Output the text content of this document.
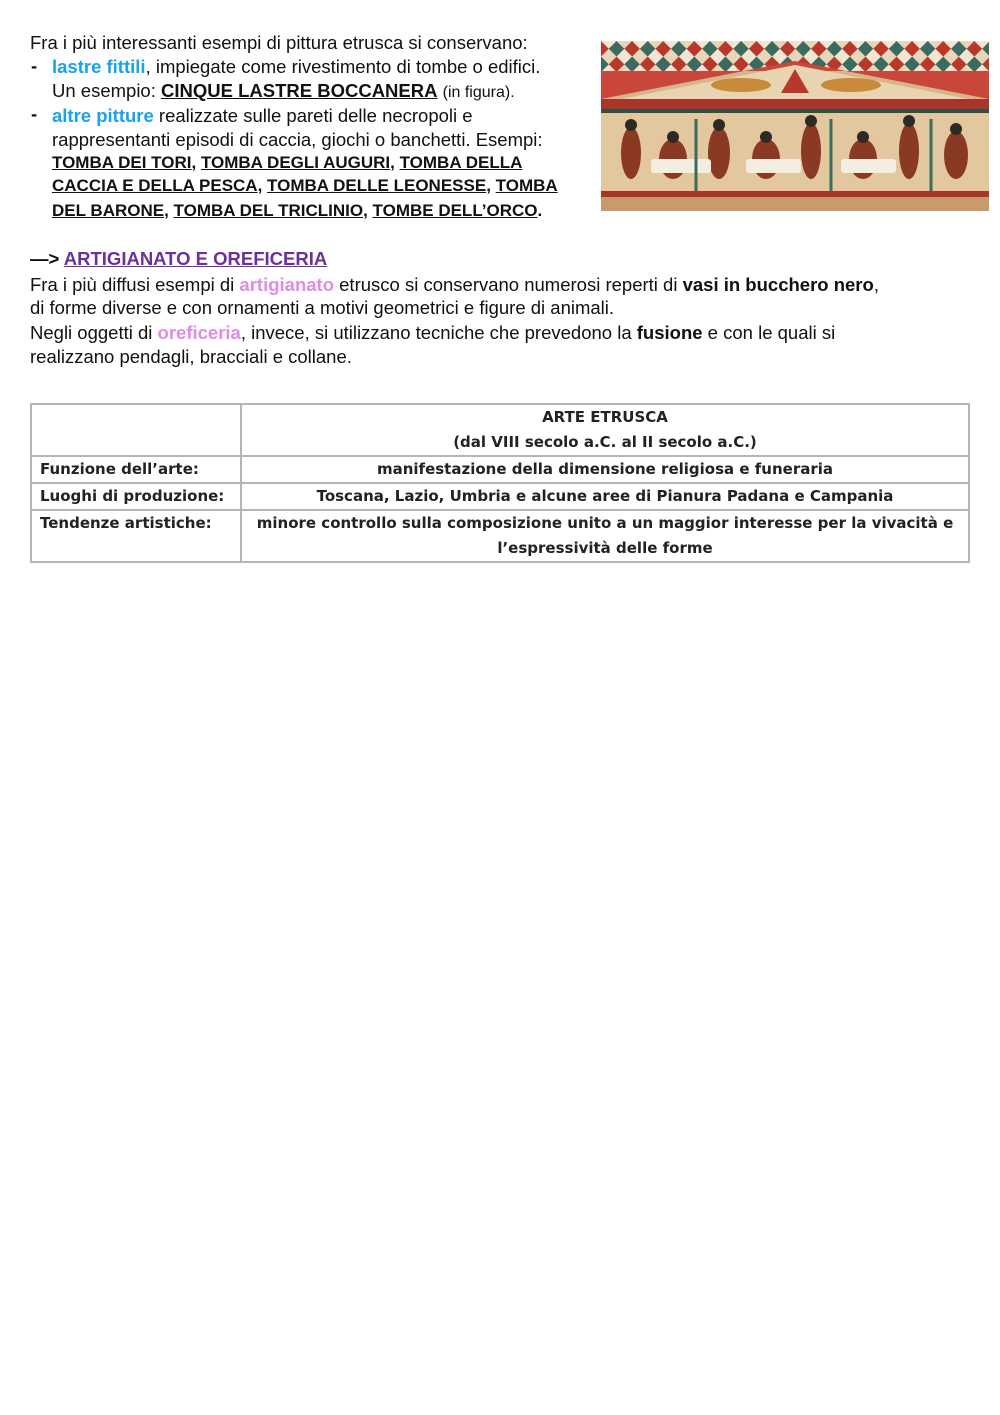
Fra i più interessanti esempi di pittura etrusca si conservano:
- lastre fittili, impiegate come rivestimento di tombe o edifici.
Un esempio: CINQUE LASTRE BOCCANERA (in figura).
- altre pitture realizzate sulle pareti delle necropoli e
rappresentanti episodi di caccia, giochi o banchetti. Esempi:
TOMBA DEI TORI, TOMBA DEGLI AUGURI, TOMBA DELLA
CACCIA E DELLA PESCA, TOMBA DELLE LEONESSE, TOMBA
DEL BARONE, TOMBA DEL TRICLINIO, TOMBE DELL’ORCO.
—> ARTIGIANATO E OREFICERIA
Fra i più diffusi esempi di artigianato etrusco si conservano numerosi reperti di vasi in bucchero nero,
di forme diverse e con ornamenti a motivi geometrici e figure di animali.
Negli oggetti di oreficeria, invece, si utilizzano tecniche che prevedono la fusione e con le quali si
realizzano pendagli, bracciali e collane.

	ARTE ETRUSCA
(dal VIII secolo a.C. al II secolo a.C.)

Funzione dell’arte:	manifestazione della dimensione religiosa e funeraria
Luoghi di produzione:	Toscana, Lazio, Umbria e alcune aree di Pianura Padana e Campania
Tendenze artistiche:	minore controllo sulla composizione unito a un maggior interesse per la vivacità e
l’espressività delle forme
